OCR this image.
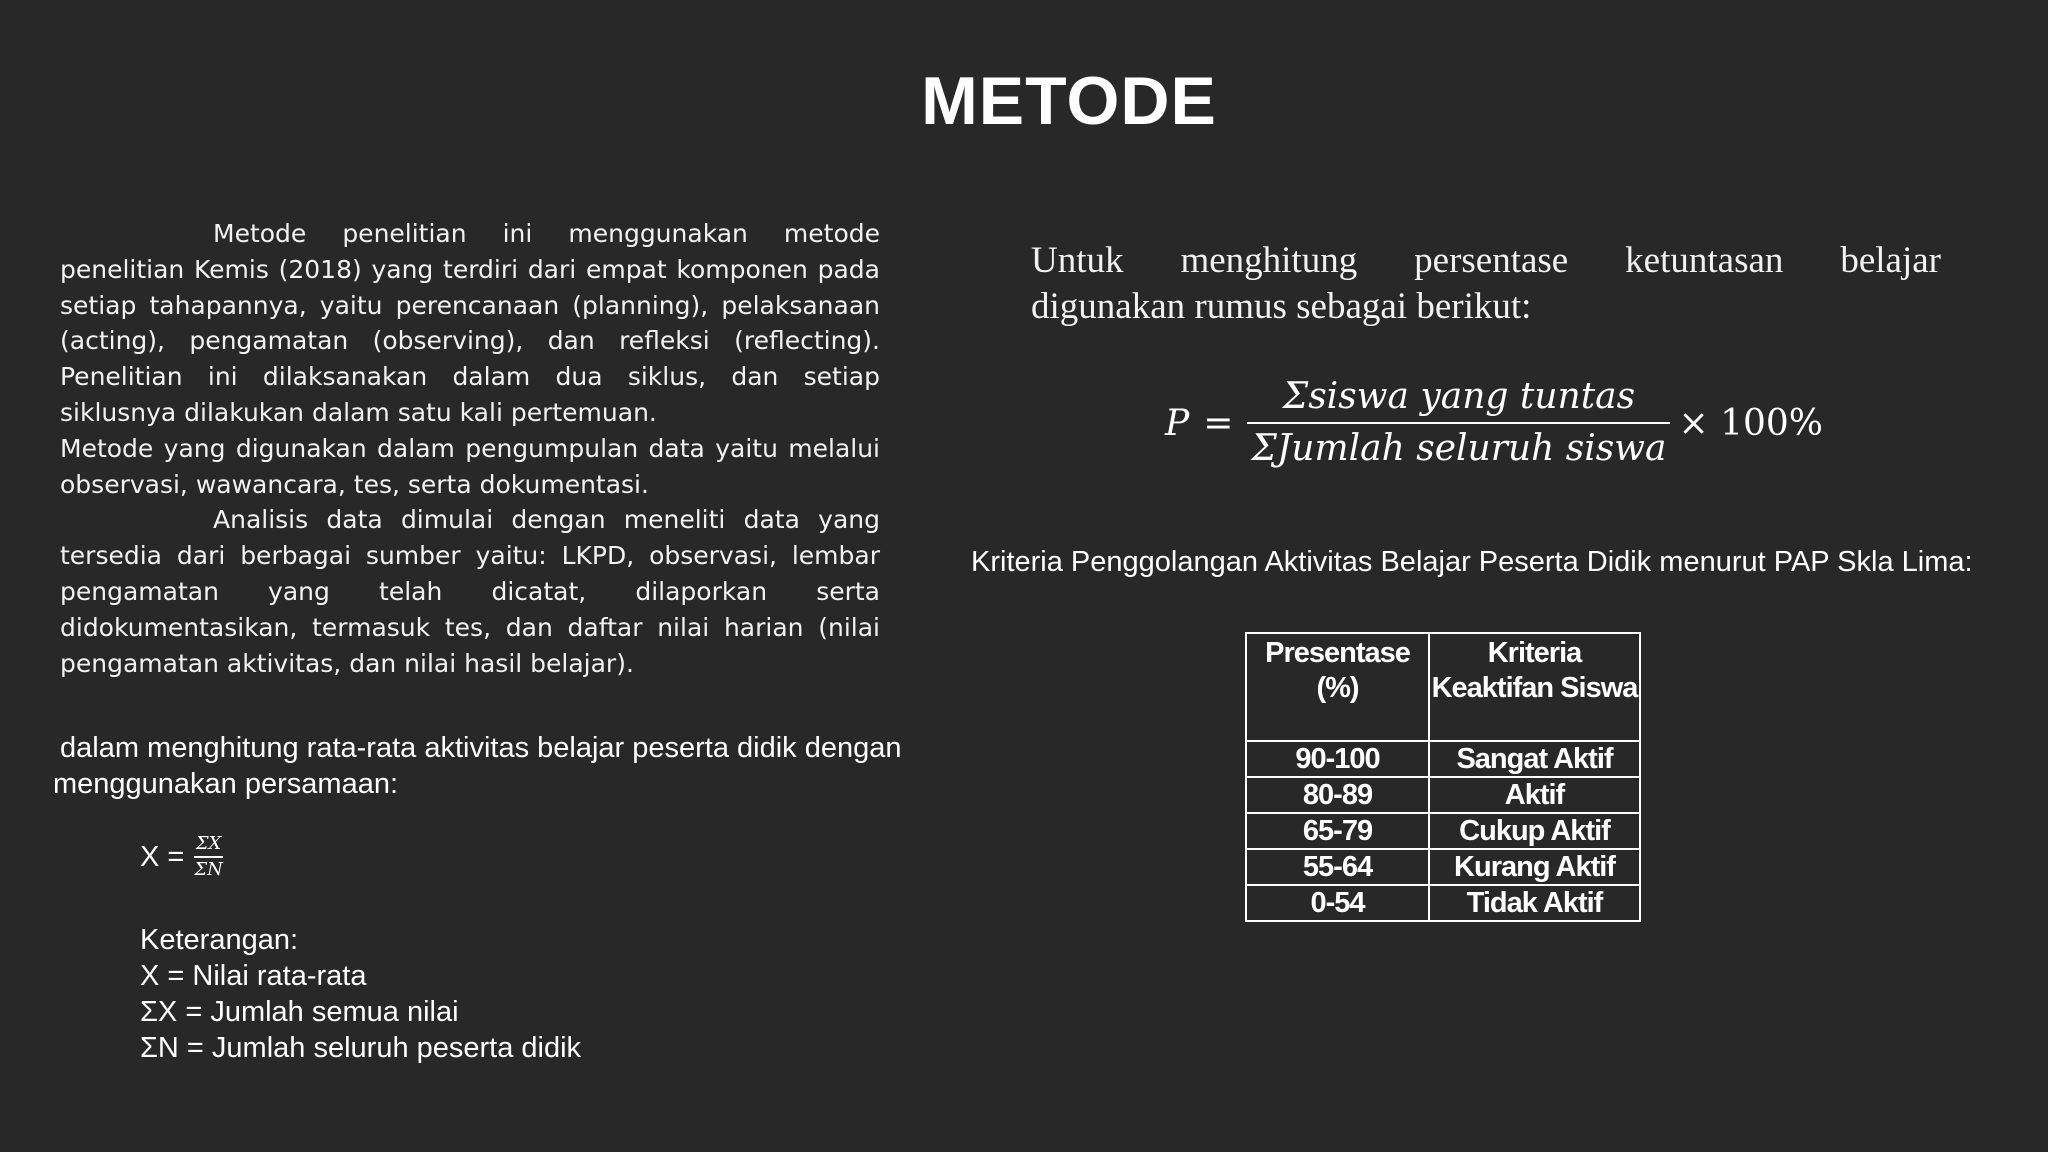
METODE

Metode penelitian ini menggunakan metode penelitian Kemis (2018) yang terdiri dari empat komponen pada setiap tahapannya, yaitu perencanaan (planning), pelaksanaan (acting), pengamatan (observing), dan refleksi (reflecting). Penelitian ini dilaksanakan dalam dua siklus, dan setiap siklusnya dilakukan dalam satu kali pertemuan.

Metode yang digunakan dalam pengumpulan data yaitu melalui observasi, wawancara, tes, serta dokumentasi.

Analisis data dimulai dengan meneliti data yang tersedia dari berbagai sumber yaitu: LKPD, observasi, lembar pengamatan yang telah dicatat, dilaporkan serta didokumentasikan, termasuk tes, dan daftar nilai harian (nilai pengamatan aktivitas, dan nilai hasil belajar).

dalam menghitung rata-rata aktivitas belajar peserta didik dengan
menggunakan persamaan:
$X = \frac{\Sigma X}{\Sigma N}$
Keterangan:
X = Nilai rata-rata
ΣX = Jumlah semua nilai
ΣN = Jumlah seluruh peserta didik
Untuk menghitung persentase ketuntasan belajar
digunakan rumus sebagai berikut:
$P = \frac{\text{Σsiswa yang tuntas}}{\text{ΣJumlah seluruh siswa}} \times 100\%$
Kriteria Penggolangan Aktivitas Belajar Peserta Didik menurut PAP Skla Lima:
Presentase (%)	Kriteria Keaktifan Siswa
90-100	Sangat Aktif
80-89	Aktif
65-79	Cukup Aktif
55-64	Kurang Aktif
0-54	Tidak Aktif
